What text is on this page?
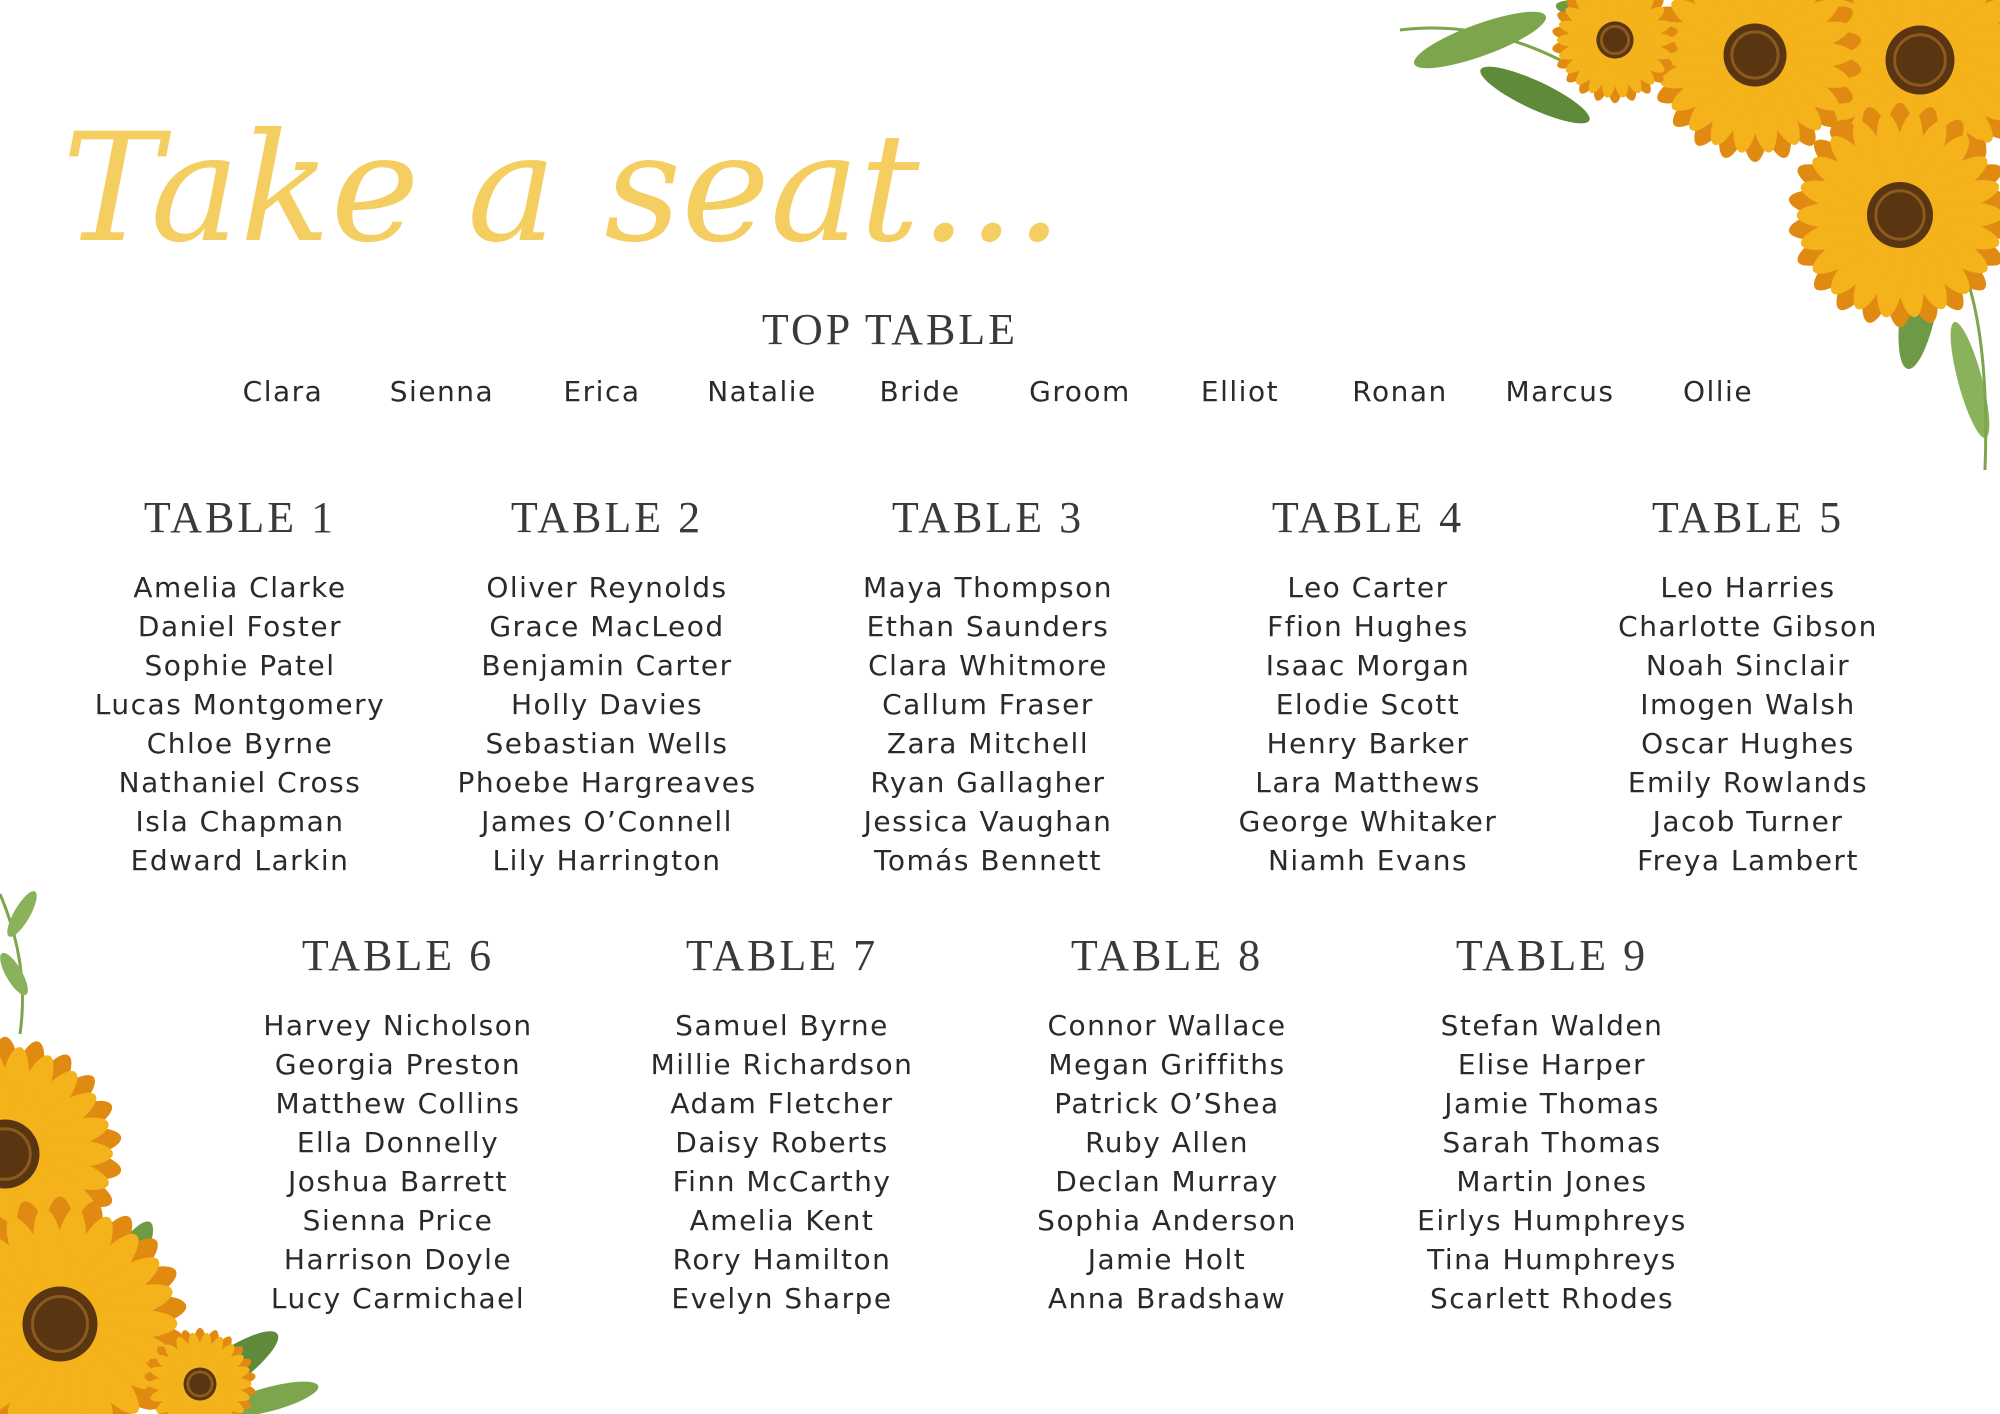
Take a seat...
TOP TABLE
Clara	Sienna	Erica	Natalie	Bride	Groom	Elliot	Ronan	Marcus	Ollie
TABLE 1
Amelia Clarke
Daniel Foster
Sophie Patel
Lucas Montgomery
Chloe Byrne
Nathaniel Cross
Isla Chapman
Edward Larkin
TABLE 2
Oliver Reynolds
Grace MacLeod
Benjamin Carter
Holly Davies
Sebastian Wells
Phoebe Hargreaves
James O’Connell
Lily Harrington
TABLE 3
Maya Thompson
Ethan Saunders
Clara Whitmore
Callum Fraser
Zara Mitchell
Ryan Gallagher
Jessica Vaughan
Tomás Bennett
TABLE 4
Leo Carter
Ffion Hughes
Isaac Morgan
Elodie Scott
Henry Barker
Lara Matthews
George Whitaker
Niamh Evans
TABLE 5
Leo Harries
Charlotte Gibson
Noah Sinclair
Imogen Walsh
Oscar Hughes
Emily Rowlands
Jacob Turner
Freya Lambert
TABLE 6
Harvey Nicholson
Georgia Preston
Matthew Collins
Ella Donnelly
Joshua Barrett
Sienna Price
Harrison Doyle
Lucy Carmichael
TABLE 7
Samuel Byrne
Millie Richardson
Adam Fletcher
Daisy Roberts
Finn McCarthy
Amelia Kent
Rory Hamilton
Evelyn Sharpe
TABLE 8
Connor Wallace
Megan Griffiths
Patrick O’Shea
Ruby Allen
Declan Murray
Sophia Anderson
Jamie Holt
Anna Bradshaw
TABLE 9
Stefan Walden
Elise Harper
Jamie Thomas
Sarah Thomas
Martin Jones
Eirlys Humphreys
Tina Humphreys
Scarlett Rhodes
